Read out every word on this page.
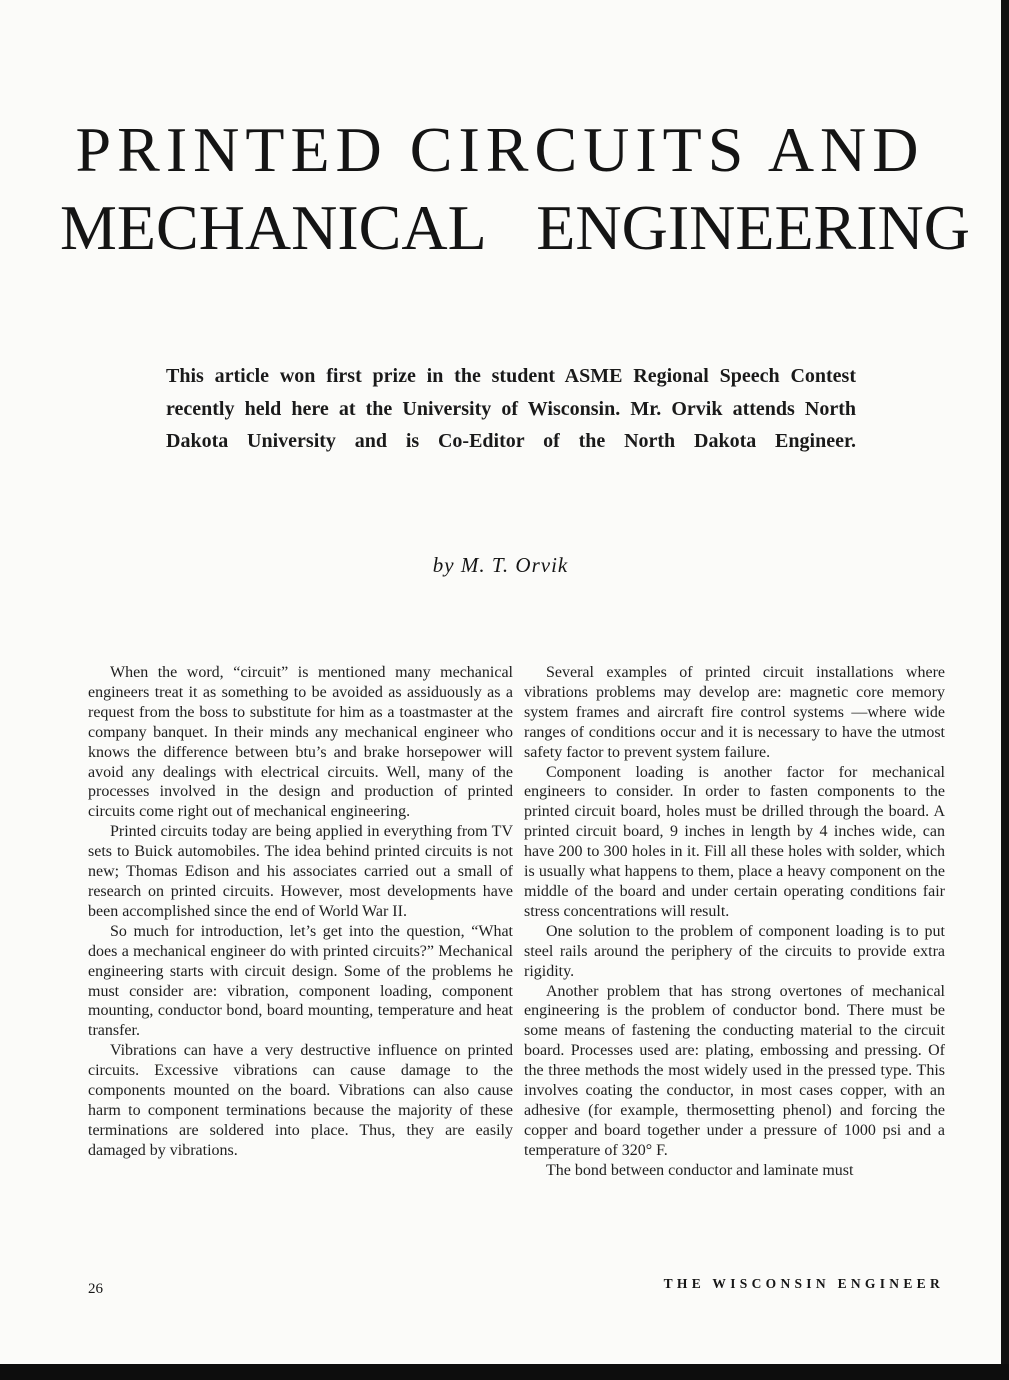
PRINTED CIRCUITS AND
MECHANICAL ENGINEERING

This article won first prize in the student ASME Regional Speech Contest recently held here at the University of Wisconsin. Mr. Orvik attends North Dakota University and is Co-Editor of the North Dakota Engineer.

by M. T. Orvik

When the word, “circuit” is mentioned many mechanical engineers treat it as something to be avoided as assiduously as a request from the boss to substitute for him as a toastmaster at the company banquet. In their minds any mechanical engineer who knows the difference between btu’s and brake horsepower will avoid any dealings with electrical circuits. Well, many of the processes involved in the design and production of printed circuits come right out of mechanical engineering.

Printed circuits today are being applied in everything from TV sets to Buick automobiles. The idea behind printed circuits is not new; Thomas Edison and his associates carried out a small of research on printed circuits. However, most developments have been accomplished since the end of World War II.

So much for introduction, let’s get into the question, “What does a mechanical engineer do with printed circuits?” Mechanical engineering starts with circuit design. Some of the problems he must consider are: vibration, component loading, component mounting, conductor bond, board mounting, temperature and heat transfer.

Vibrations can have a very destructive influence on printed circuits. Excessive vibrations can cause damage to the components mounted on the board. Vibrations can also cause harm to component terminations because the majority of these terminations are soldered into place. Thus, they are easily damaged by vibrations.

Several examples of printed circuit installations where vibrations problems may develop are: magnetic core memory system frames and aircraft fire control systems —where wide ranges of conditions occur and it is necessary to have the utmost safety factor to prevent system failure.

Component loading is another factor for mechanical engineers to consider. In order to fasten components to the printed circuit board, holes must be drilled through the board. A printed circuit board, 9 inches in length by 4 inches wide, can have 200 to 300 holes in it. Fill all these holes with solder, which is usually what happens to them, place a heavy component on the middle of the board and under certain operating conditions fair stress concentrations will result.

One solution to the problem of component loading is to put steel rails around the periphery of the circuits to provide extra rigidity.

Another problem that has strong overtones of mechanical engineering is the problem of conductor bond. There must be some means of fastening the conducting material to the circuit board. Processes used are: plating, embossing and pressing. Of the three methods the most widely used in the pressed type. This involves coating the conductor, in most cases copper, with an adhesive (for example, thermosetting phenol) and forcing the copper and board together under a pressure of 1000 psi and a temperature of 320° F.

The bond between conductor and laminate must

26	THE WISCONSIN ENGINEER
